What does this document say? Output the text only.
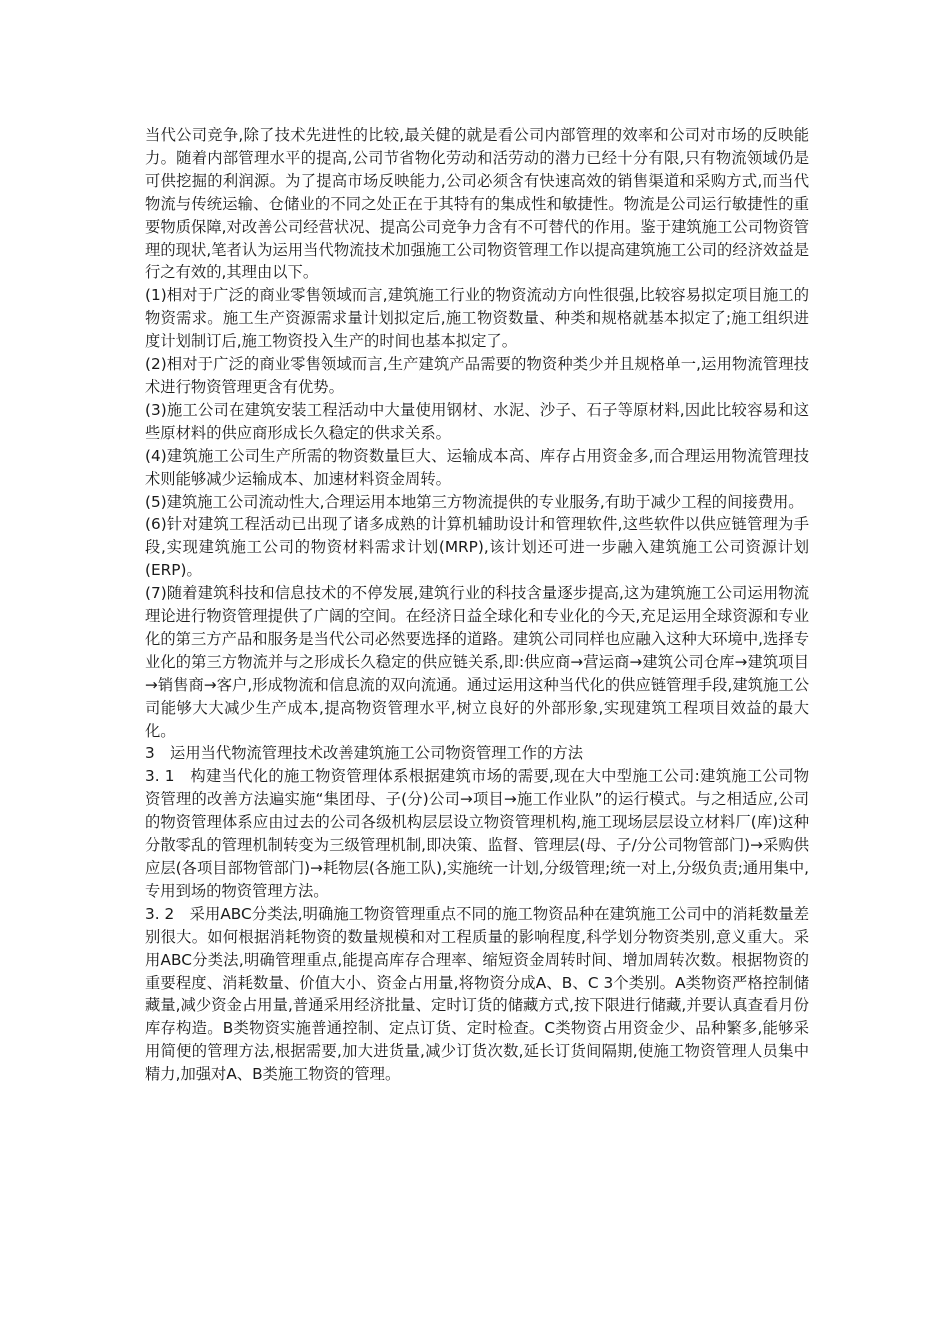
当代公司竞争,除了技术先进性的比较,最关健的就是看公司内部管理的效率和公司对市场的反映能力。随着内部管理水平的提高,公司节省物化劳动和活劳动的潜力已经十分有限,只有物流领域仍是可供挖掘的利润源。为了提高市场反映能力,公司必须含有快速高效的销售渠道和采购方式,而当代物流与传统运输、仓储业的不同之处正在于其特有的集成性和敏捷性。物流是公司运行敏捷性的重要物质保障,对改善公司经营状况、提高公司竞争力含有不可替代的作用。鉴于建筑施工公司物资管理的现状,笔者认为运用当代物流技术加强施工公司物资管理工作以提高建筑施工公司的经济效益是行之有效的,其理由以下。

(1)相对于广泛的商业零售领域而言,建筑施工行业的物资流动方向性很强,比较容易拟定项目施工的物资需求。施工生产资源需求量计划拟定后,施工物资数量、种类和规格就基本拟定了;施工组织进度计划制订后,施工物资投入生产的时间也基本拟定了。

(2)相对于广泛的商业零售领域而言,生产建筑产品需要的物资种类少并且规格单一,运用物流管理技术进行物资管理更含有优势。

(3)施工公司在建筑安装工程活动中大量使用钢材、水泥、沙子、石子等原材料,因此比较容易和这些原材料的供应商形成长久稳定的供求关系。

(4)建筑施工公司生产所需的物资数量巨大、运输成本高、库存占用资金多,而合理运用物流管理技术则能够减少运输成本、加速材料资金周转。

(5)建筑施工公司流动性大,合理运用本地第三方物流提供的专业服务,有助于减少工程的间接费用。

(6)针对建筑工程活动已出现了诸多成熟的计算机辅助设计和管理软件,这些软件以供应链管理为手段,实现建筑施工公司的物资材料需求计划(MRP),该计划还可进一步融入建筑施工公司资源计划(ERP)。

(7)随着建筑科技和信息技术的不停发展,建筑行业的科技含量逐步提高,这为建筑施工公司运用物流理论进行物资管理提供了广阔的空间。在经济日益全球化和专业化的今天,充足运用全球资源和专业化的第三方产品和服务是当代公司必然要选择的道路。建筑公司同样也应融入这种大环境中,选择专业化的第三方物流并与之形成长久稳定的供应链关系,即:供应商→营运商→建筑公司仓库→建筑项目→销售商→客户,形成物流和信息流的双向流通。通过运用这种当代化的供应链管理手段,建筑施工公司能够大大减少生产成本,提高物资管理水平,树立良好的外部形象,实现建筑工程项目效益的最大化。

3　运用当代物流管理技术改善建筑施工公司物资管理工作的方法

3. 1　构建当代化的施工物资管理体系根据建筑市场的需要,现在大中型施工公司:建筑施工公司物资管理的改善方法遍实施“集团母、子(分)公司→项目→施工作业队”的运行模式。与之相适应,公司的物资管理体系应由过去的公司各级机构层层设立物资管理机构,施工现场层层设立材料厂(库)这种分散零乱的管理机制转变为三级管理机制,即决策、监督、管理层(母、子/分公司物管部门)→采购供应层(各项目部物管部门)→耗物层(各施工队),实施统一计划,分级管理;统一对上,分级负责;通用集中,专用到场的物资管理方法。

3. 2　采用ABC分类法,明确施工物资管理重点不同的施工物资品种在建筑施工公司中的消耗数量差别很大。如何根据消耗物资的数量规模和对工程质量的影响程度,科学划分物资类别,意义重大。采用ABC分类法,明确管理重点,能提高库存合理率、缩短资金周转时间、增加周转次数。根据物资的重要程度、消耗数量、价值大小、资金占用量,将物资分成A、B、C 3个类别。A类物资严格控制储藏量,减少资金占用量,普通采用经济批量、定时订货的储藏方式,按下限进行储藏,并要认真查看月份库存构造。B类物资实施普通控制、定点订货、定时检查。C类物资占用资金少、品种繁多,能够采用简便的管理方法,根据需要,加大进货量,减少订货次数,延长订货间隔期,使施工物资管理人员集中精力,加强对A、B类施工物资的管理。
